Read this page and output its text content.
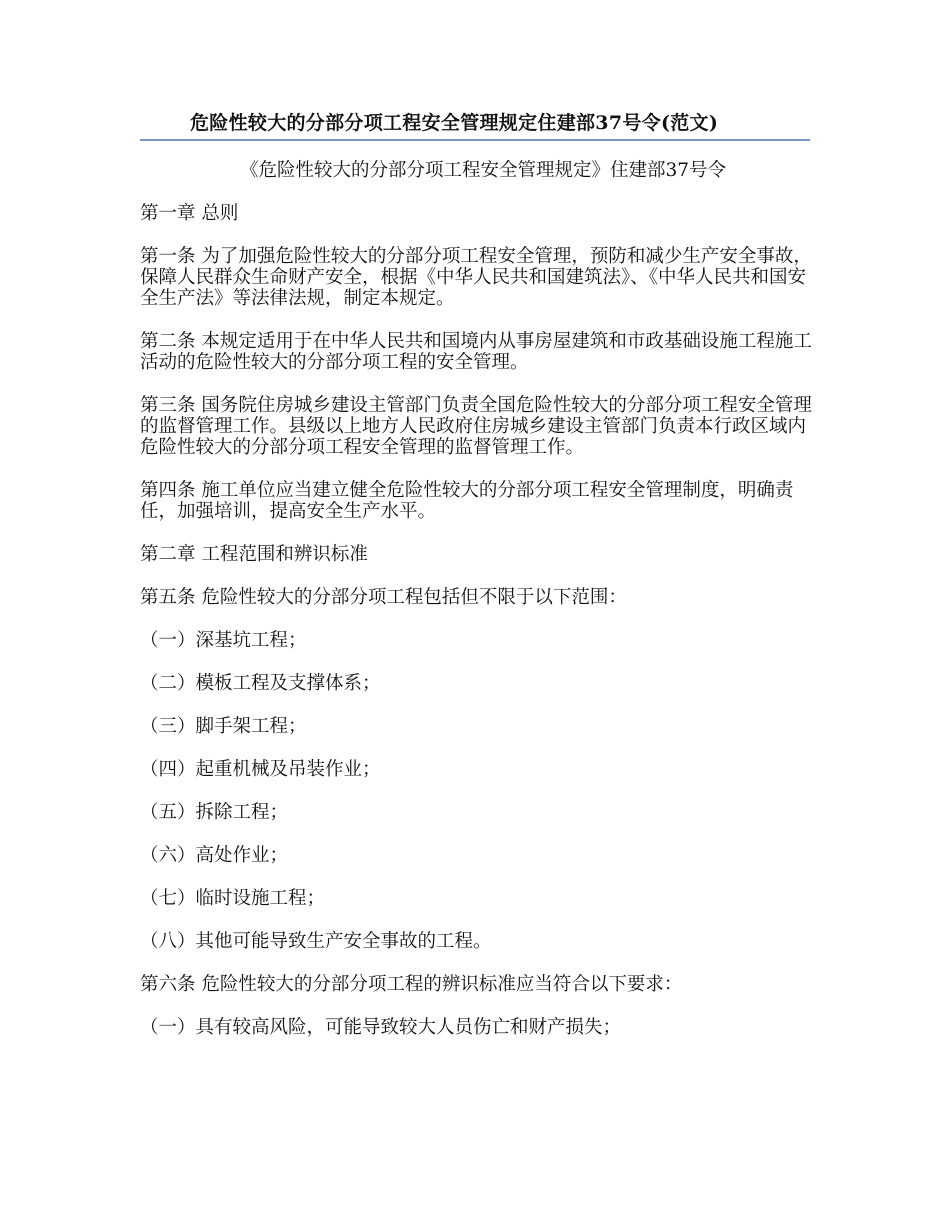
危险性较大的分部分项工程安全管理规定住建部37号令(范文)

《危险性较大的分部分项工程安全管理规定》住建部37号令

第一章 总则

第一条 为了加强危险性较大的分部分项工程安全管理，预防和减少生产安全事故，保障人民群众生命财产安全，根据《中华人民共和国建筑法》、《中华人民共和国安全生产法》等法律法规，制定本规定。

第二条 本规定适用于在中华人民共和国境内从事房屋建筑和市政基础设施工程施工活动的危险性较大的分部分项工程的安全管理。

第三条 国务院住房城乡建设主管部门负责全国危险性较大的分部分项工程安全管理的监督管理工作。县级以上地方人民政府住房城乡建设主管部门负责本行政区域内危险性较大的分部分项工程安全管理的监督管理工作。

第四条 施工单位应当建立健全危险性较大的分部分项工程安全管理制度，明确责任，加强培训，提高安全生产水平。

第二章 工程范围和辨识标准

第五条 危险性较大的分部分项工程包括但不限于以下范围：

（一）深基坑工程；

（二）模板工程及支撑体系；

（三）脚手架工程；

（四）起重机械及吊装作业；

（五）拆除工程；

（六）高处作业；

（七）临时设施工程；

（八）其他可能导致生产安全事故的工程。

第六条 危险性较大的分部分项工程的辨识标准应当符合以下要求：

（一）具有较高风险，可能导致较大人员伤亡和财产损失；
